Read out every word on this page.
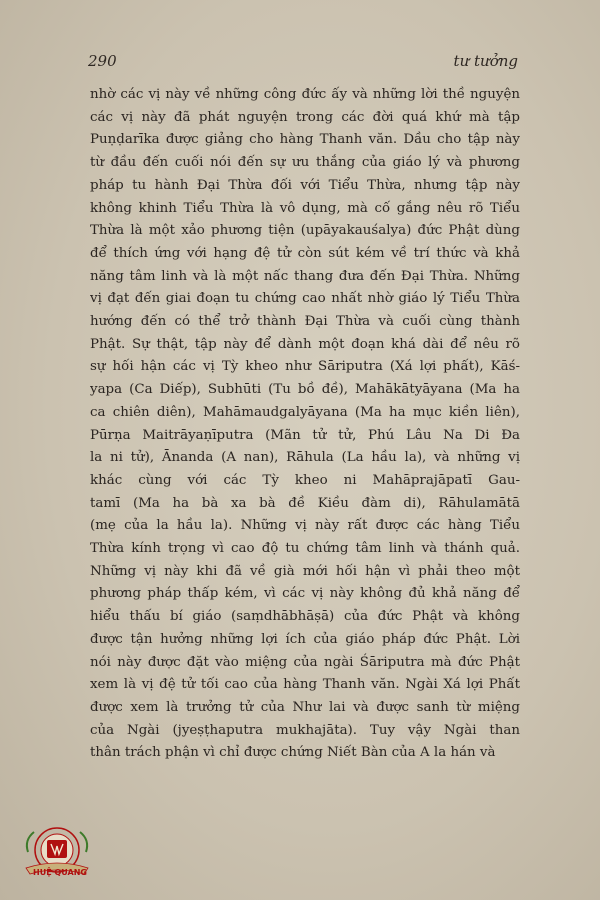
290	tư tưởng
nhờ các vị này về những công đức ấy và những lời thề nguyện
các vị này đã phát nguyện trong các đời quá khứ mà tập
Puṇḍarīka được giảng cho hàng Thanh văn. Dầu cho tập này
từ đầu đến cuối nói đến sự ưu thắng của giáo lý và phương
pháp tu hành Đại Thừa đối với Tiểu Thừa, nhưng tập này
không khinh Tiểu Thừa là vô dụng, mà cố gắng nêu rõ Tiểu
Thừa là một xảo phương tiện (upāyakauśalya) đức Phật dùng
để thích ứng với hạng đệ tử còn sút kém về trí thức và khả
năng tâm linh và là một nấc thang đưa đến Đại Thừa. Những
vị đạt đến giai đoạn tu chứng cao nhất nhờ giáo lý Tiểu Thừa
hướng đến có thể trở thành Đại Thừa và cuối cùng thành
Phật. Sự thật, tập này để dành một đoạn khá dài để nêu rõ
sự hối hận các vị Tỳ kheo như Sāriputra (Xá lợi phất), Kāś-
yapa (Ca Diếp), Subhūti (Tu bồ đề), Mahākātyāyana (Ma ha
ca chiên diên), Mahāmaudgalyāyana (Ma ha mục kiền liên),
Pūrṇa Maitrāyaṇīputra (Mãn tử tử, Phú Lâu Na Di Đa
la ni tử), Ānanda (A nan), Rāhula (La hầu la), và những vị
khác cùng với các Tỳ kheo ni Mahāprajāpatī Gau-
tamī (Ma ha bà xa bà đề Kiều đàm di), Rāhulamātā
(mẹ của la hầu la). Những vị này rất được các hàng Tiểu
Thừa kính trọng vì cao độ tu chứng tâm linh và thánh quả.
Những vị này khi đã về già mới hối hận vì phải theo một
phương pháp thấp kém, vì các vị này không đủ khả năng để
hiểu thấu bí giáo (saṃdhābhāṣā) của đức Phật và không
được tận hưởng những lợi ích của giáo pháp đức Phật. Lời
nói này được đặt vào miệng của ngài Śāriputra mà đức Phật
xem là vị đệ tử tối cao của hàng Thanh văn. Ngài Xá lợi Phất
được xem là trưởng tử của Như lai và được sanh từ miệng
của Ngài (jyeṣṭhaputra mukhajāta). Tuy vậy Ngài than
thân trách phận vì chỉ được chứng Niết Bàn của A la hán và
HUỆ QUANG
